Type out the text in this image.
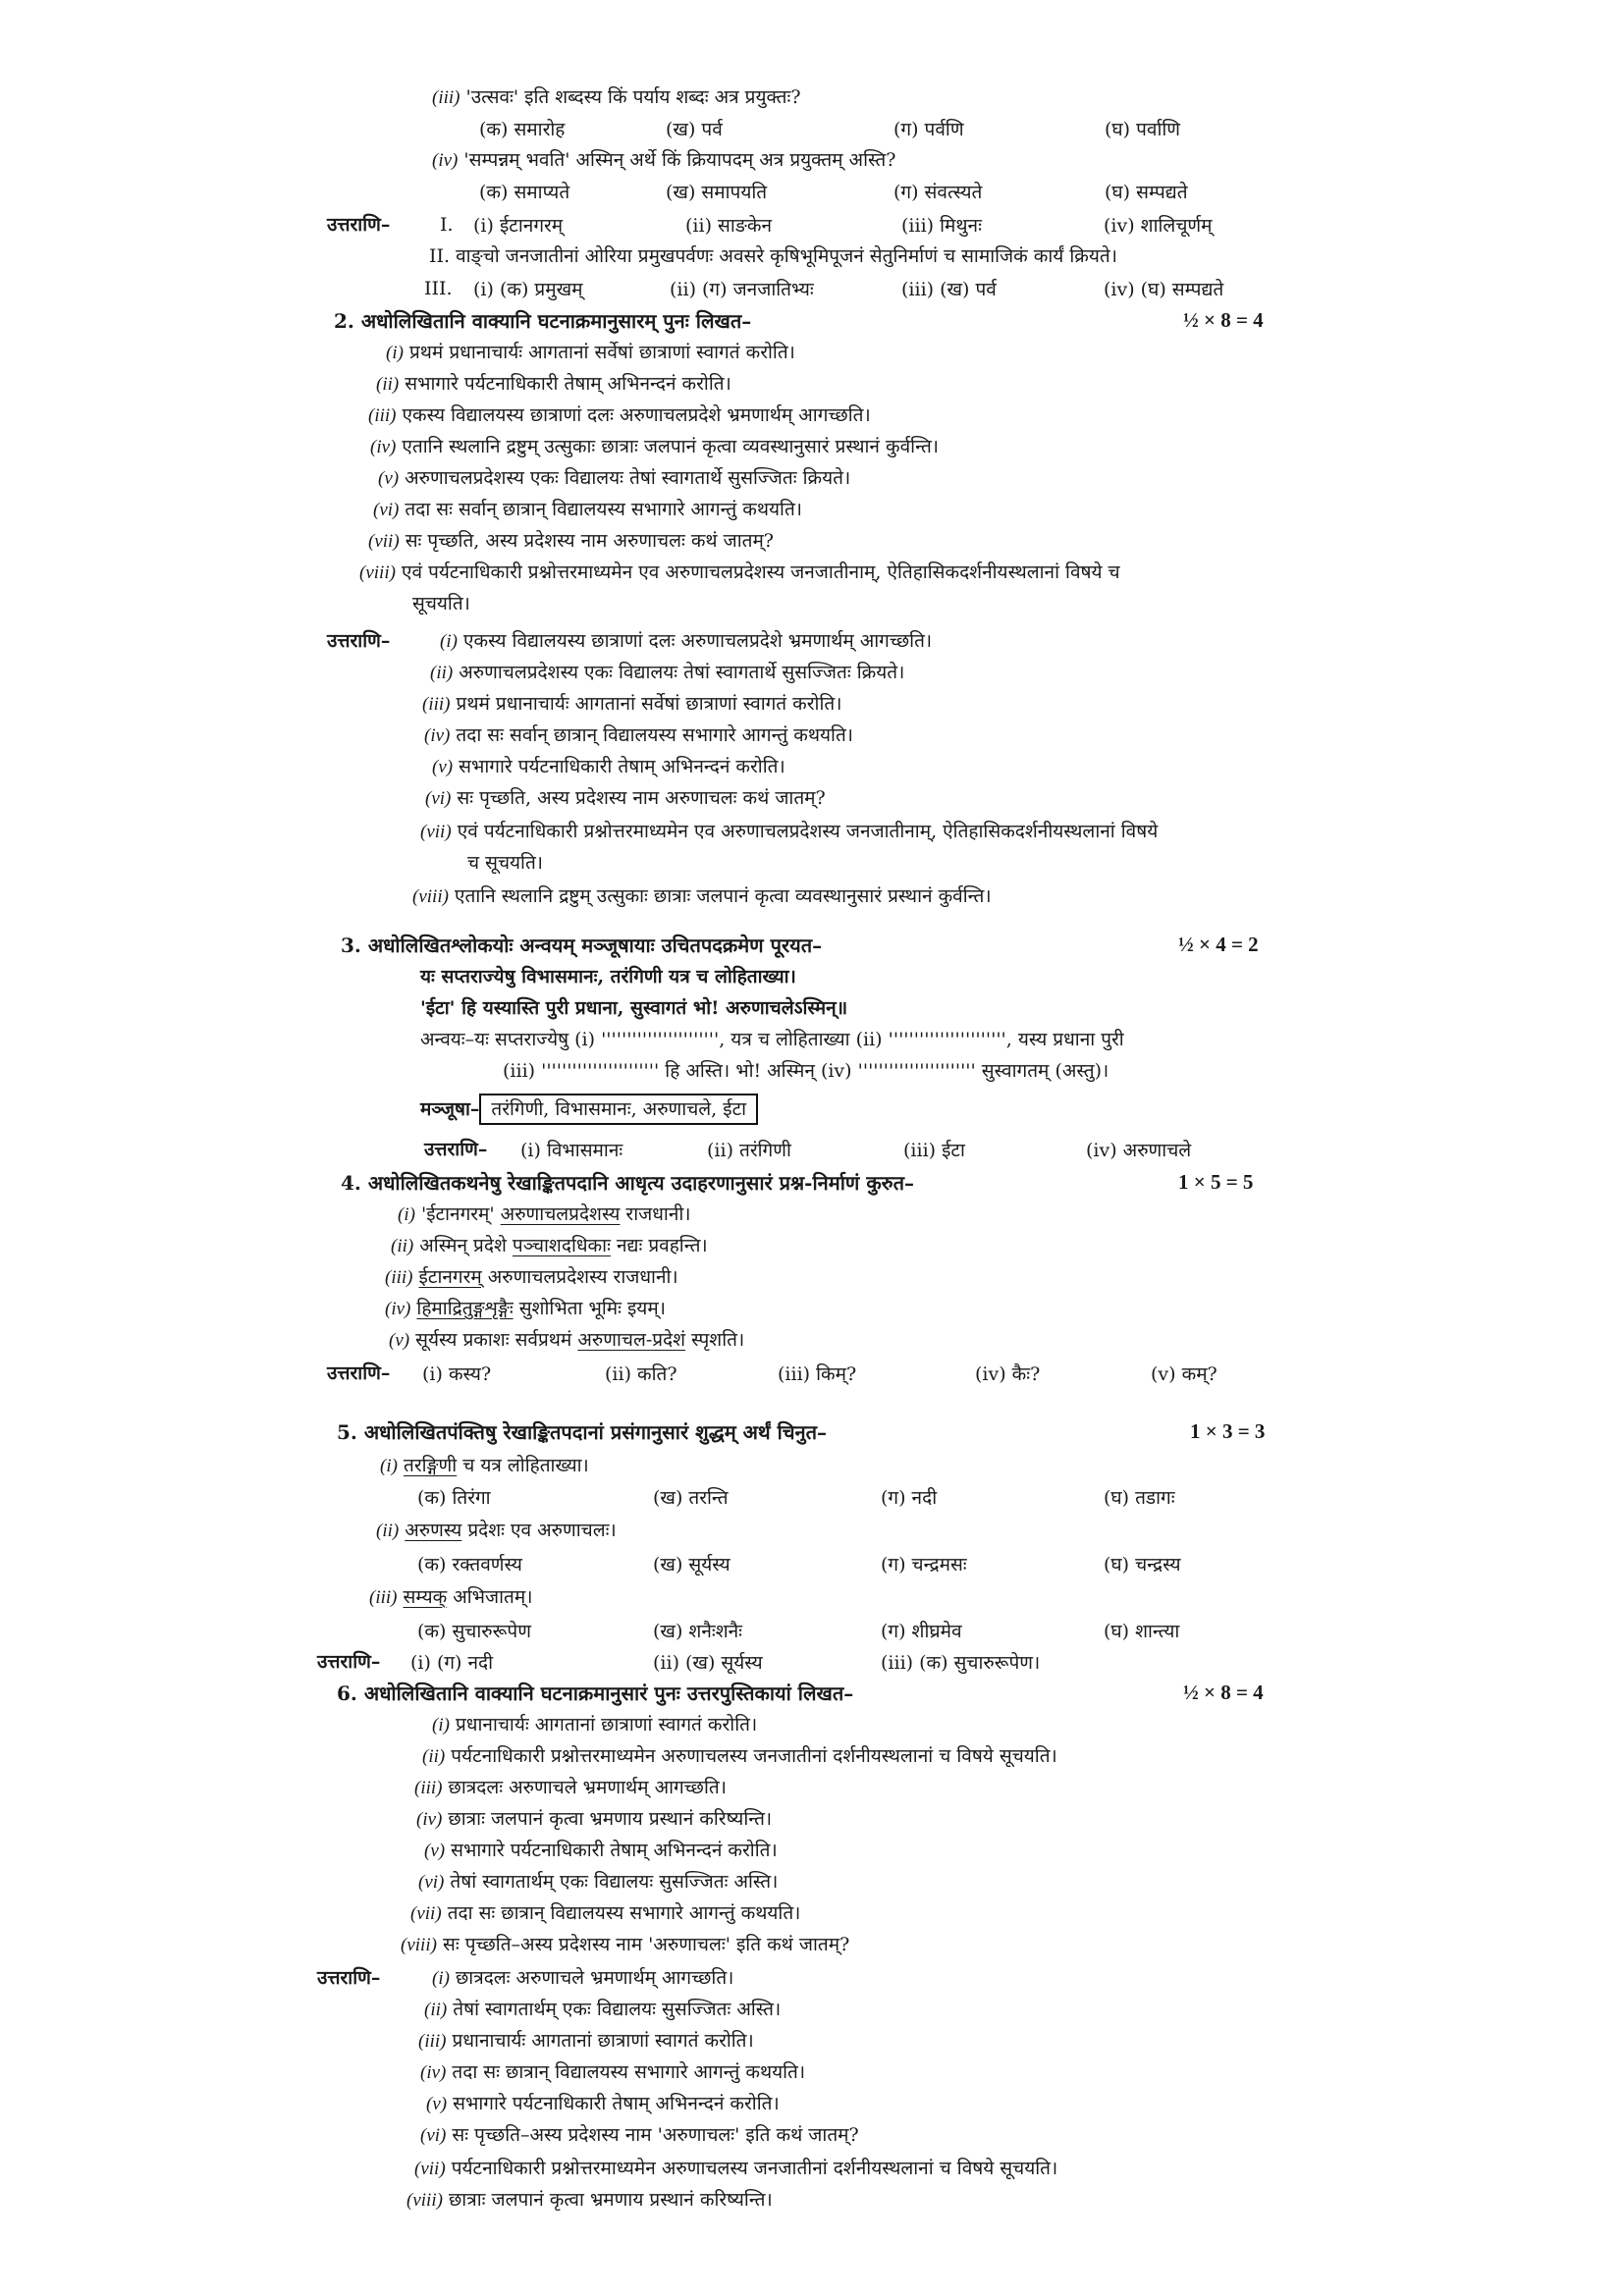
(iii) 'उत्सवः' इति शब्दस्य किं पर्याय शब्दः अत्र प्रयुक्तः?
(क) समारोह	(ख) पर्व	(ग) पर्वणि	(घ) पर्वाणि
(iv) 'सम्पन्नम् भवति' अस्मिन् अर्थे किं क्रियापदम् अत्र प्रयुक्तम् अस्ति?
(क) समाप्यते	(ख) समापयति	(ग) संवत्स्यते	(घ) सम्पद्यते
उत्तराणि–	I. (i) ईटानगरम्	(ii) साङकेन	(iii) मिथुनः	(iv) शालिचूर्णम्
II. वाङ्चो जनजातीनां ओरिया प्रमुखपर्वणः अवसरे कृषिभूमिपूजनं सेतुनिर्माणं च सामाजिकं कार्यं क्रियते।
III. (i) (क) प्रमुखम्	(ii) (ग) जनजातिभ्यः	(iii) (ख) पर्व	(iv) (घ) सम्पद्यते
2. अधोलिखितानि वाक्यानि घटनाक्रमानुसारम् पुनः लिखत–	½ × 8 = 4
(i) प्रथमं प्रधानाचार्यः आगतानां सर्वेषां छात्राणां स्वागतं करोति।
(ii) सभागारे पर्यटनाधिकारी तेषाम् अभिनन्दनं करोति।
(iii) एकस्य विद्यालयस्य छात्राणां दलः अरुणाचलप्रदेशे भ्रमणार्थम् आगच्छति।
(iv) एतानि स्थलानि द्रष्टुम् उत्सुकाः छात्राः जलपानं कृत्वा व्यवस्थानुसारं प्रस्थानं कुर्वन्ति।
(v) अरुणाचलप्रदेशस्य एकः विद्यालयः तेषां स्वागतार्थे सुसज्जितः क्रियते।
(vi) तदा सः सर्वान् छात्रान् विद्यालयस्य सभागारे आगन्तुं कथयति।
(vii) सः पृच्छति, अस्य प्रदेशस्य नाम अरुणाचलः कथं जातम्?
(viii) एवं पर्यटनाधिकारी प्रश्नोत्तरमाध्यमेन एव अरुणाचलप्रदेशस्य जनजातीनाम्, ऐतिहासिकदर्शनीयस्थलानां विषये च
सूचयति।
उत्तराणि–	(i) एकस्य विद्यालयस्य छात्राणां दलः अरुणाचलप्रदेशे भ्रमणार्थम् आगच्छति।
(ii) अरुणाचलप्रदेशस्य एकः विद्यालयः तेषां स्वागतार्थे सुसज्जितः क्रियते।
(iii) प्रथमं प्रधानाचार्यः आगतानां सर्वेषां छात्राणां स्वागतं करोति।
(iv) तदा सः सर्वान् छात्रान् विद्यालयस्य सभागारे आगन्तुं कथयति।
(v) सभागारे पर्यटनाधिकारी तेषाम् अभिनन्दनं करोति।
(vi) सः पृच्छति, अस्य प्रदेशस्य नाम अरुणाचलः कथं जातम्?
(vii) एवं पर्यटनाधिकारी प्रश्नोत्तरमाध्यमेन एव अरुणाचलप्रदेशस्य जनजातीनाम्, ऐतिहासिकदर्शनीयस्थलानां विषये
च सूचयति।
(viii) एतानि स्थलानि द्रष्टुम् उत्सुकाः छात्राः जलपानं कृत्वा व्यवस्थानुसारं प्रस्थानं कुर्वन्ति।
3. अधोलिखितश्लोकयोः अन्वयम् मञ्जूषायाः उचितपदक्रमेण पूरयत–	½ × 4 = 2
यः सप्तराज्येषु विभासमानः, तरंगिणी यत्र च लोहिताख्या।
'ईटा' हि यस्यास्ति पुरी प्रधाना, सुस्वागतं भो! अरुणाचलेऽस्मिन्॥
अन्वयः–यः सप्तराज्येषु (i) ''''''''''''''''''''''', यत्र च लोहिताख्या (ii) ''''''''''''''''''''''', यस्य प्रधाना पुरी
(iii) ''''''''''''''''''''''' हि अस्ति। भो! अस्मिन् (iv) ''''''''''''''''''''''' सुस्वागतम् (अस्तु)।
मञ्जूषा– तरंगिणी, विभासमानः, अरुणाचले, ईटा
उत्तराणि– (i) विभासमानः	(ii) तरंगिणी	(iii) ईटा	(iv) अरुणाचले
4. अधोलिखितकथनेषु रेखाङ्कितपदानि आधृत्य उदाहरणानुसारं प्रश्न-निर्माणं कुरुत–	1 × 5 = 5
(i) 'ईटानगरम्' अरुणाचलप्रदेशस्य राजधानी।
(ii) अस्मिन् प्रदेशे पञ्चाशदधिकाः नद्यः प्रवहन्ति।
(iii) ईटानगरम् अरुणाचलप्रदेशस्य राजधानी।
(iv) हिमाद्रितुङ्गशृङ्गैः सुशोभिता भूमिः इयम्।
(v) सूर्यस्य प्रकाशः सर्वप्रथमं अरुणाचल-प्रदेशं स्पृशति।
उत्तराणि– (i) कस्य?	(ii) कति?	(iii) किम्?	(iv) कैः?	(v) कम्?
5. अधोलिखितपंक्तिषु रेखाङ्कितपदानां प्रसंगानुसारं शुद्धम् अर्थं चिनुत–	1 × 3 = 3
(i) तरङ्गिणी च यत्र लोहिताख्या।
(क) तिरंगा	(ख) तरन्ति	(ग) नदी	(घ) तडागः
(ii) अरुणस्य प्रदेशः एव अरुणाचलः।
(क) रक्तवर्णस्य	(ख) सूर्यस्य	(ग) चन्द्रमसः	(घ) चन्द्रस्य
(iii) सम्यक् अभिजातम्।
(क) सुचारुरूपेण	(ख) शनैःशनैः	(ग) शीघ्रमेव	(घ) शान्त्या
उत्तराणि– (i) (ग) नदी	(ii) (ख) सूर्यस्य	(iii) (क) सुचारुरूपेण।
6. अधोलिखितानि वाक्यानि घटनाक्रमानुसारं पुनः उत्तरपुस्तिकायां लिखत–	½ × 8 = 4
(i) प्रधानाचार्यः आगतानां छात्राणां स्वागतं करोति।
(ii) पर्यटनाधिकारी प्रश्नोत्तरमाध्यमेन अरुणाचलस्य जनजातीनां दर्शनीयस्थलानां च विषये सूचयति।
(iii) छात्रदलः अरुणाचले भ्रमणार्थम् आगच्छति।
(iv) छात्राः जलपानं कृत्वा भ्रमणाय प्रस्थानं करिष्यन्ति।
(v) सभागारे पर्यटनाधिकारी तेषाम् अभिनन्दनं करोति।
(vi) तेषां स्वागतार्थम् एकः विद्यालयः सुसज्जितः अस्ति।
(vii) तदा सः छात्रान् विद्यालयस्य सभागारे आगन्तुं कथयति।
(viii) सः पृच्छति–अस्य प्रदेशस्य नाम 'अरुणाचलः' इति कथं जातम्?
उत्तराणि–	(i) छात्रदलः अरुणाचले भ्रमणार्थम् आगच्छति।
(ii) तेषां स्वागतार्थम् एकः विद्यालयः सुसज्जितः अस्ति।
(iii) प्रधानाचार्यः आगतानां छात्राणां स्वागतं करोति।
(iv) तदा सः छात्रान् विद्यालयस्य सभागारे आगन्तुं कथयति।
(v) सभागारे पर्यटनाधिकारी तेषाम् अभिनन्दनं करोति।
(vi) सः पृच्छति–अस्य प्रदेशस्य नाम 'अरुणाचलः' इति कथं जातम्?
(vii) पर्यटनाधिकारी प्रश्नोत्तरमाध्यमेन अरुणाचलस्य जनजातीनां दर्शनीयस्थलानां च विषये सूचयति।
(viii) छात्राः जलपानं कृत्वा भ्रमणाय प्रस्थानं करिष्यन्ति।
